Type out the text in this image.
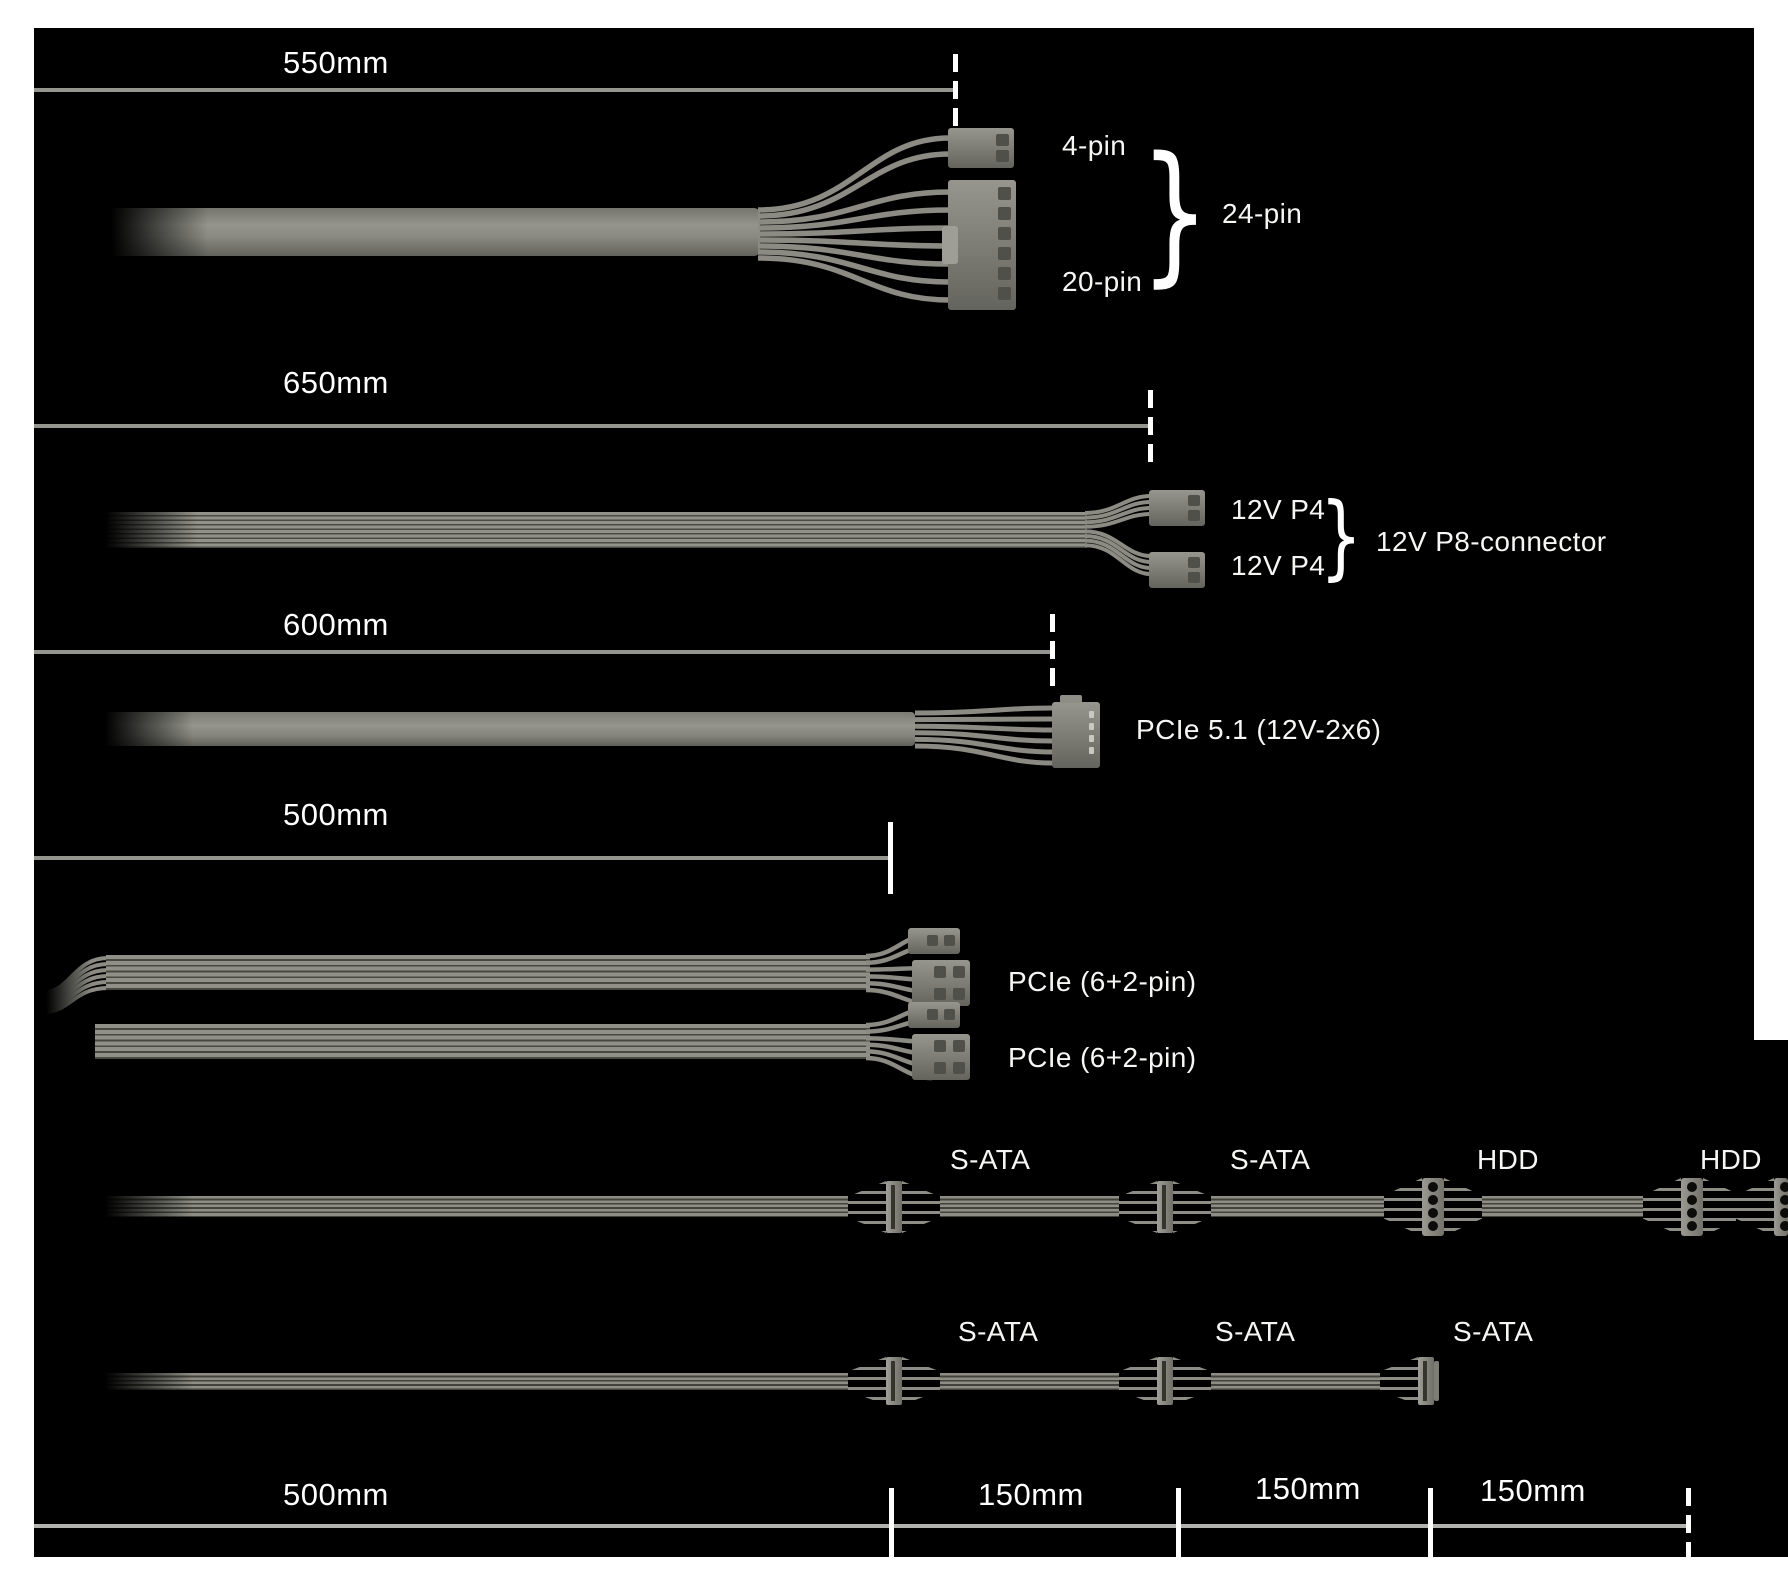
550mm
4-pin
20-pin
} 24-pin
650mm
12V P4
12V P4
} 12V P8-connector
600mm
PCIe 5.1 (12V-2x6)
500mm
PCIe (6+2-pin)
PCIe (6+2-pin)
S-ATA	S-ATA	HDD	HDD
S-ATA	S-ATA	S-ATA
500mm	150mm	150mm	150mm
